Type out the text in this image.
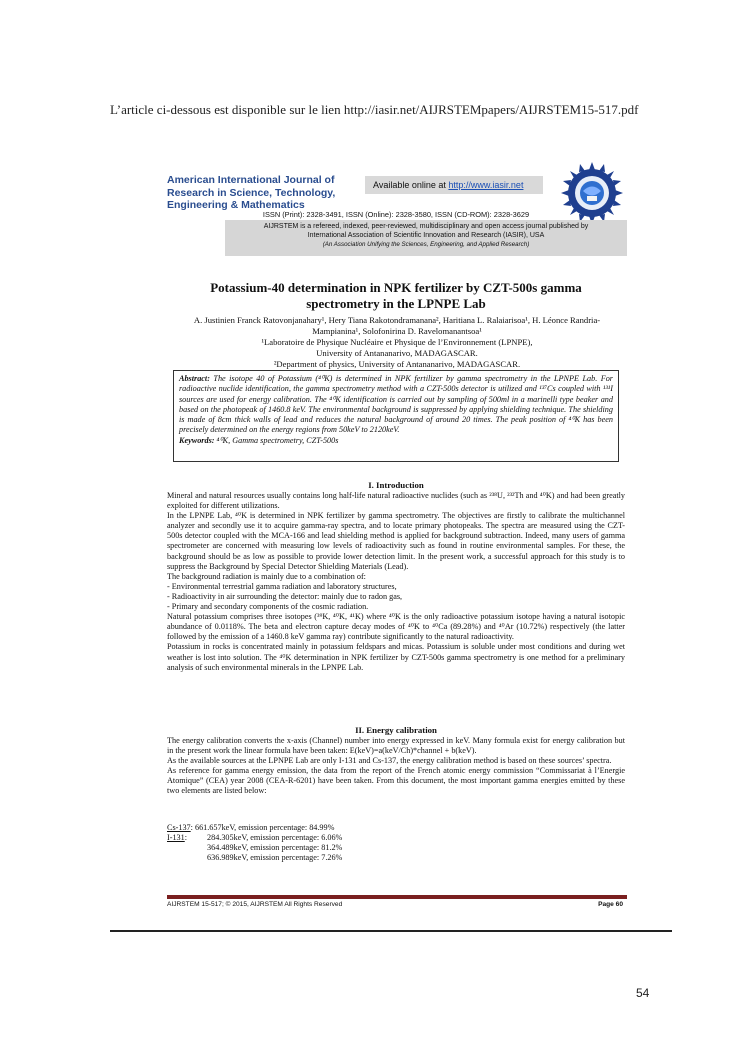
L’article ci-dessous est disponible sur le lien http://iasir.net/AIJRSTEMpapers/AIJRSTEM15-517.pdf

American International Journal of Research in Science, Technology, Engineering & Mathematics
Available online at http://www.iasir.net
ISSN (Print): 2328-3491, ISSN (Online): 2328-3580, ISSN (CD-ROM): 2328-3629
AIJRSTEM is a refereed, indexed, peer-reviewed, multidisciplinary and open access journal published by
International Association of Scientific Innovation and Research (IASIR), USA
(An Association Unifying the Sciences, Engineering, and Applied Research)
Potassium-40 determination in NPK fertilizer by CZT-500s gamma spectrometry in the LPNPE Lab
A. Justinien Franck Ratovonjanahary¹, Hery Tiana Rakotondramanana², Haritiana L. Ralaiarisoa¹, H. Léonce Randria-Mampianina¹, Solofonirina D. Ravelomanantsoa¹
¹Laboratoire de Physique Nucléaire et Physique de l’Environnement (LPNPE),
University of Antananarivo, MADAGASCAR.
²Department of physics, University of Antananarivo, MADAGASCAR.
Abstract: The isotope 40 of Potassium (⁴⁰K) is determined in NPK fertilizer by gamma spectrometry in the LPNPE Lab. For radioactive nuclide identification, the gamma spectrometry method with a CZT-500s detector is utilized and ¹³⁷Cs coupled with ¹³¹I sources are used for energy calibration. The ⁴⁰K identification is carried out by sampling of 500ml in a marinelli type beaker and based on the photopeak of 1460.8 keV. The environmental background is suppressed by applying shielding technique. The shielding is made of 8cm thick walls of lead and reduces the natural background of around 20 times. The peak position of ⁴⁰K has been precisely determined on the energy regions from 50keV to 2120keV.
Keywords: ⁴⁰K, Gamma spectrometry, CZT-500s
I. Introduction

Mineral and natural resources usually contains long half-life natural radioactive nuclides (such as ²³⁸U, ²³²Th and ⁴⁰K) and had been greatly exploited for different utilizations.

In the LPNPE Lab, ⁴⁰K is determined in NPK fertilizer by gamma spectrometry. The objectives are firstly to calibrate the multichannel analyzer and secondly use it to acquire gamma-ray spectra, and to locate primary photopeaks. The spectra are measured using the CZT-500s detector coupled with the MCA-166 and lead shielding method is applied for background subtraction. Indeed, many users of gamma spectrometer are concerned with measuring low levels of radioactivity such as found in routine environmental samples. For these, the background should be as low as possible to provide lower detection limit. In the present work, a successful approach for this study is to suppress the Background by Special Detector Shielding Materials (Lead).

The background radiation is mainly due to a combination of:

- Environmental terrestrial gamma radiation and laboratory structures,

- Radioactivity in air surrounding the detector: mainly due to radon gas,

- Primary and secondary components of the cosmic radiation.

Natural potassium comprises three isotopes (³⁹K, ⁴⁰K, ⁴¹K) where ⁴⁰K is the only radioactive potassium isotope having a natural isotopic abundance of 0.0118%. The beta and electron capture decay modes of ⁴⁰K to ⁴⁰Ca (89.28%) and ⁴⁰Ar (10.72%) respectively (the latter followed by the emission of a 1460.8 keV gamma ray) contribute significantly to the natural radioactivity.

Potassium in rocks is concentrated mainly in potassium feldspars and micas. Potassium is soluble under most conditions and during wet weather is lost into solution. The ⁴⁰K determination in NPK fertilizer by CZT-500s gamma spectrometry is one method for a preliminary analysis of such environmental minerals in the LPNPE Lab.

II. Energy calibration

The energy calibration converts the x-axis (Channel) number into energy expressed in keV. Many formula exist for energy calibration but in the present work the linear formula have been taken: E(keV)=a(keV/Ch)*channel + b(keV).

As the available sources at the LPNPE Lab are only I-131 and Cs-137, the energy calibration method is based on these sources’ spectra.

As reference for gamma energy emission, the data from the report of the French atomic energy commission “Commissariat à l’Energie Atomique” (CEA) year 2008 (CEA-R-6201) have been taken. From this document, the most important gamma energies emitted by these two elements are listed below:

Cs-137 : 661.657keV, emission percentage: 84.99%
I-131:	284.305keV, emission percentage: 6.06%
364.489keV, emission percentage: 81.2%
636.989keV, emission percentage: 7.26%
AIJRSTEM 15-517; © 2015, AIJRSTEM All Rights Reserved	Page 60
54
